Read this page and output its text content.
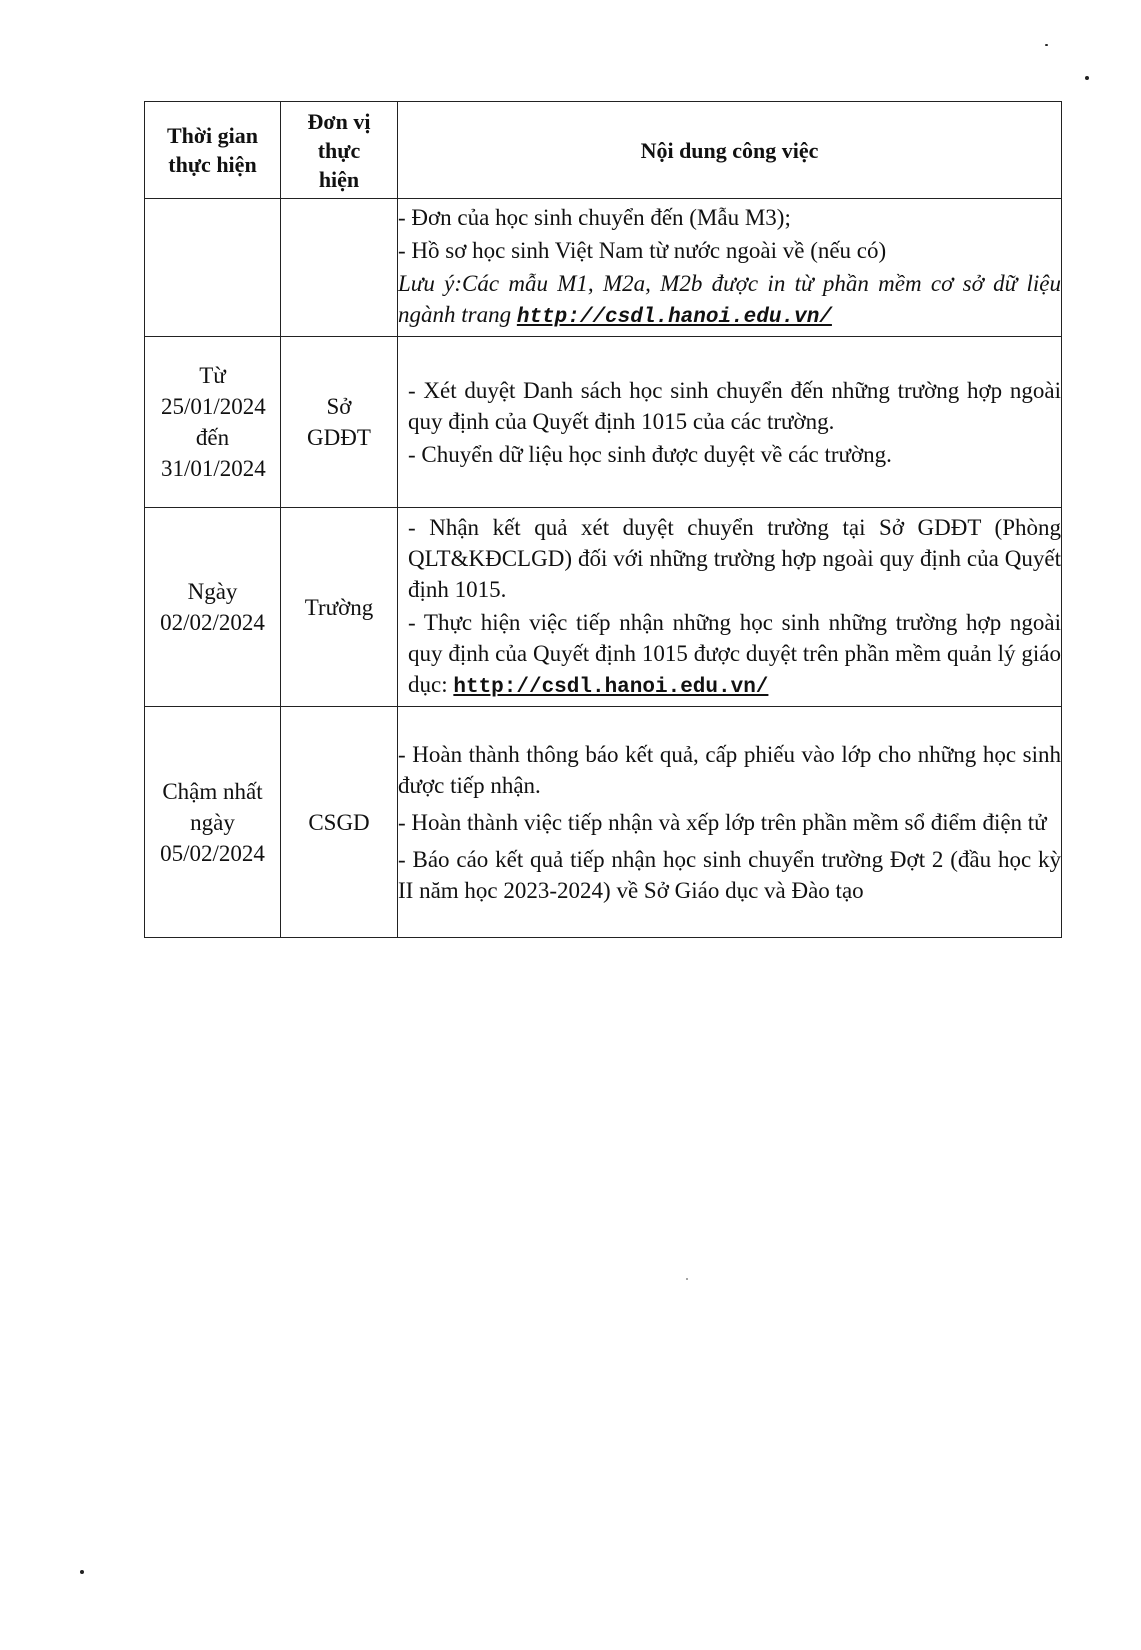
Thời gian thực hiện	Đơn vị thực hiện	Nội dung công việc

		- Đơn của học sinh chuyển đến (Mẫu M3);
- Hồ sơ học sinh Việt Nam từ nước ngoài về (nếu có)
Lưu ý:Các mẫu M1, M2a, M2b được in từ phần mềm cơ sở dữ liệu ngành trang http://csdl.hanoi.edu.vn/

Từ 25/01/2024 đến 31/01/2024	Sở GDĐT	- Xét duyệt Danh sách học sinh chuyển đến những trường hợp ngoài quy định của Quyết định 1015 của các trường.
- Chuyển dữ liệu học sinh được duyệt về các trường.

Ngày 02/02/2024	Trường	- Nhận kết quả xét duyệt chuyển trường tại Sở GDĐT (Phòng QLT&KĐCLGD) đối với những trường hợp ngoài quy định của Quyết định 1015.
- Thực hiện việc tiếp nhận những học sinh những trường hợp ngoài quy định của Quyết định 1015 được duyệt trên phần mềm quản lý giáo dục: http://csdl.hanoi.edu.vn/

Chậm nhất ngày 05/02/2024	CSGD	- Hoàn thành thông báo kết quả, cấp phiếu vào lớp cho những học sinh được tiếp nhận.
- Hoàn thành việc tiếp nhận và xếp lớp trên phần mềm sổ điểm điện tử
- Báo cáo kết quả tiếp nhận học sinh chuyển trường Đợt 2 (đầu học kỳ II năm học 2023-2024) về Sở Giáo dục và Đào tạo
